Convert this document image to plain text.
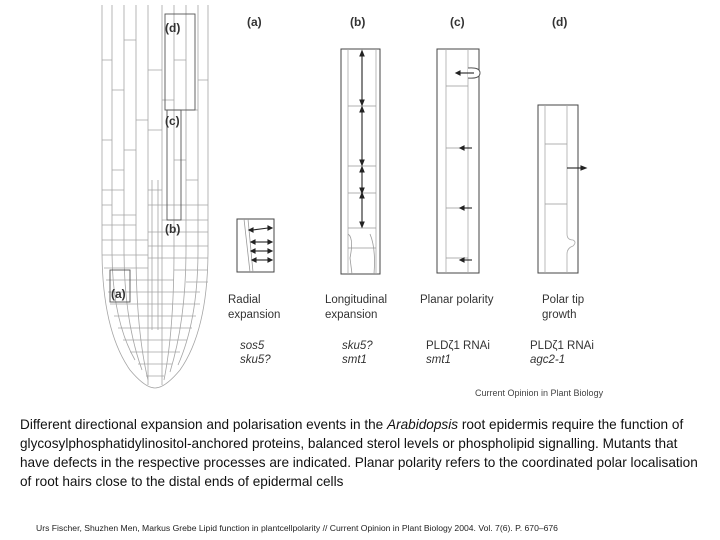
(d)
(c)
(b)
(a)
(a)	(b)	(c)	(d)
Radial
expansion
Longitudinal
expansion
Planar polarity	Polar tip
growth
sos5
sku5?
sku5?
smt1
PLDζ1 RNAi
smt1
PLDζ1 RNAi
agc2-1
Current Opinion in Plant Biology
Different directional expansion and polarisation events in the Arabidopsis root epidermis require the function of glycosylphosphatidylinositol-anchored proteins, balanced sterol levels or phospholipid signalling. Mutants that have defects in the respective processes are indicated. Planar polarity refers to the coordinated polar localisation of root hairs close to the distal ends of epidermal cells
Urs Fischer, Shuzhen Men, Markus Grebe Lipid function in plantcellpolarity // Current Opinion in Plant Biology 2004. Vol. 7(6). P. 670–676
